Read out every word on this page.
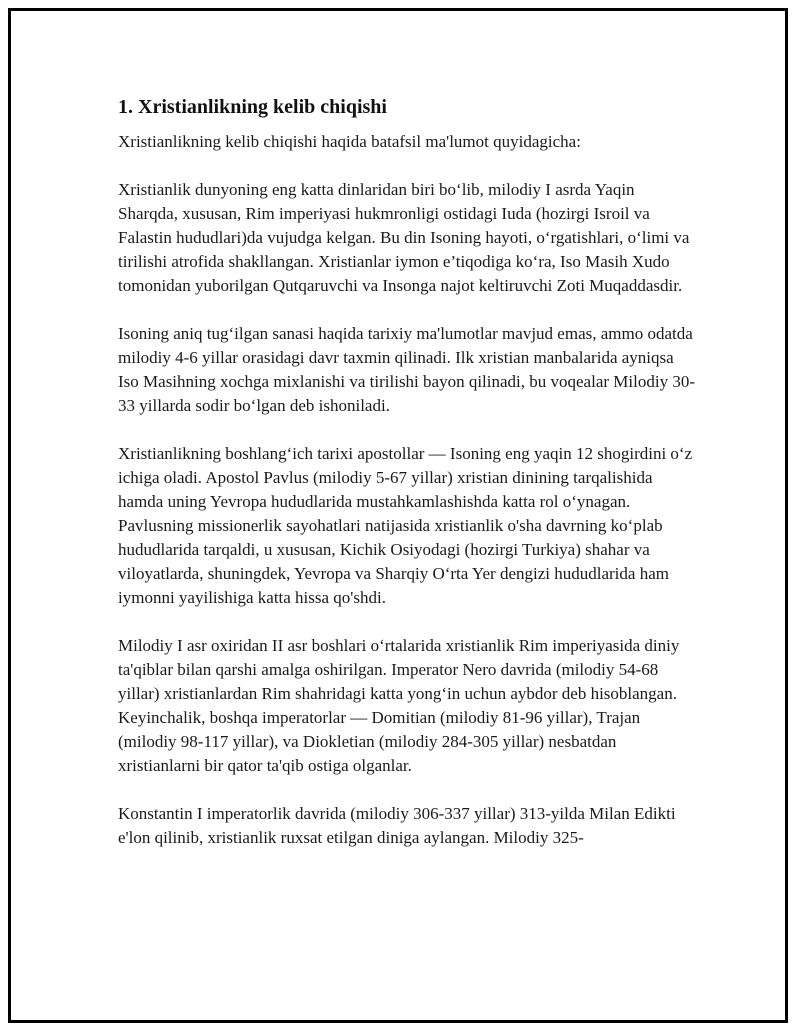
1. Xristianlikning kelib chiqishi

Xristianlikning kelib chiqishi haqida batafsil ma'lumot quyidagicha:

Xristianlik dunyoning eng katta dinlaridan biri bo‘lib, milodiy I asrda Yaqin Sharqda, xususan, Rim imperiyasi hukmronligi ostidagi Iuda (hozirgi Isroil va Falastin hududlari)da vujudga kelgan. Bu din Isoning hayoti, o‘rgatishlari, o‘limi va tirilishi atrofida shakllangan. Xristianlar iymon e’tiqodiga ko‘ra, Iso Masih Xudo tomonidan yuborilgan Qutqaruvchi va Insonga najot keltiruvchi Zoti Muqaddasdir.

Isoning aniq tug‘ilgan sanasi haqida tarixiy ma'lumotlar mavjud emas, ammo odatda milodiy 4-6 yillar orasidagi davr taxmin qilinadi. Ilk xristian manbalarida ayniqsa Iso Masihning xochga mixlanishi va tirilishi bayon qilinadi, bu voqealar Milodiy 30-33 yillarda sodir bo‘lgan deb ishoniladi.

Xristianlikning boshlang‘ich tarixi apostollar — Isoning eng yaqin 12 shogirdini o‘z ichiga oladi. Apostol Pavlus (milodiy 5-67 yillar) xristian dinining tarqalishida hamda uning Yevropa hududlarida mustahkamlashishda katta rol o‘ynagan. Pavlusning missionerlik sayohatlari natijasida xristianlik o'sha davrning ko‘plab hududlarida tarqaldi, u xususan, Kichik Osiyodagi (hozirgi Turkiya) shahar va viloyatlarda, shuningdek, Yevropa va Sharqiy O‘rta Yer dengizi hududlarida ham iymonni yayilishiga katta hissa qo'shdi.

Milodiy I asr oxiridan II asr boshlari o‘rtalarida xristianlik Rim imperiyasida diniy ta'qiblar bilan qarshi amalga oshirilgan. Imperator Nero davrida (milodiy 54-68 yillar) xristianlardan Rim shahridagi katta yong‘in uchun aybdor deb hisoblangan. Keyinchalik, boshqa imperatorlar — Domitian (milodiy 81-96 yillar), Trajan (milodiy 98-117 yillar), va Diokletian (milodiy 284-305 yillar) nesbatdan xristianlarni bir qator ta'qib ostiga olganlar.

Konstantin I imperatorlik davrida (milodiy 306-337 yillar) 313-yilda Milan Edikti e'lon qilinib, xristianlik ruxsat etilgan diniga aylangan. Milodiy 325-
